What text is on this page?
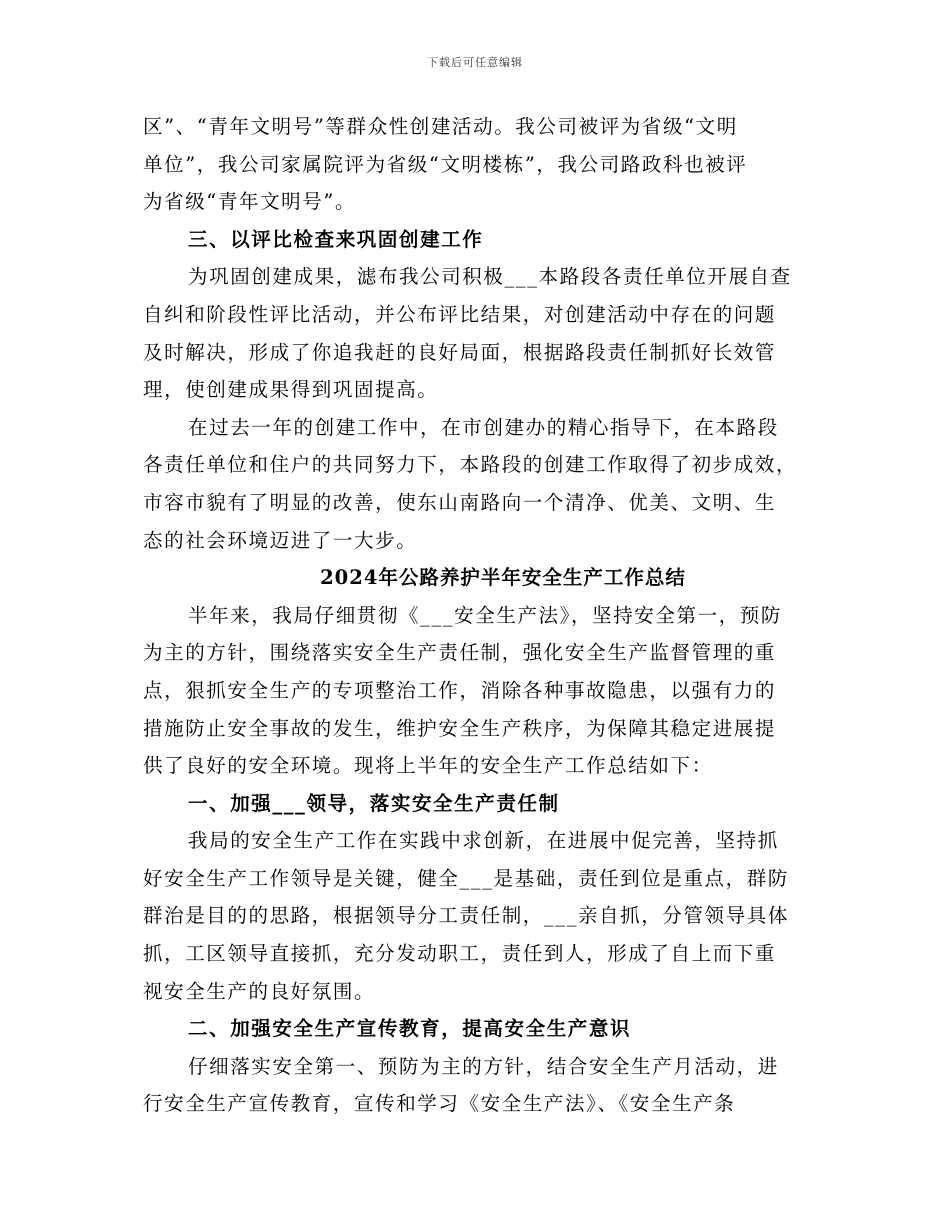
下载后可任意编辑

区”、“青年文明号”等群众性创建活动。我公司被评为省级“文明
单位”，我公司家属院评为省级“文明楼栋”，我公司路政科也被评
为省级“青年文明号”。

三、以评比检查来巩固创建工作

为巩固创建成果，滤布我公司积极___本路段各责任单位开展自查
自纠和阶段性评比活动，并公布评比结果，对创建活动中存在的问题
及时解决，形成了你追我赶的良好局面，根据路段责任制抓好长效管
理，使创建成果得到巩固提高。

在过去一年的创建工作中，在市创建办的精心指导下，在本路段
各责任单位和住户的共同努力下，本路段的创建工作取得了初步成效，
市容市貌有了明显的改善，使东山南路向一个清净、优美、文明、生
态的社会环境迈进了一大步。

2024年公路养护半年安全生产工作总结

半年来，我局仔细贯彻《___安全生产法》，坚持安全第一，预防
为主的方针，围绕落实安全生产责任制，强化安全生产监督管理的重
点，狠抓安全生产的专项整治工作，消除各种事故隐患，以强有力的
措施防止安全事故的发生，维护安全生产秩序，为保障其稳定进展提
供了良好的安全环境。现将上半年的安全生产工作总结如下：

一、加强___领导，落实安全生产责任制

我局的安全生产工作在实践中求创新，在进展中促完善，坚持抓
好安全生产工作领导是关键，健全___是基础，责任到位是重点，群防
群治是目的的思路，根据领导分工责任制，___亲自抓，分管领导具体
抓，工区领导直接抓，充分发动职工，责任到人，形成了自上而下重
视安全生产的良好氛围。

二、加强安全生产宣传教育，提高安全生产意识

仔细落实安全第一、预防为主的方针，结合安全生产月活动，进
行安全生产宣传教育，宣传和学习《安全生产法》、《安全生产条
